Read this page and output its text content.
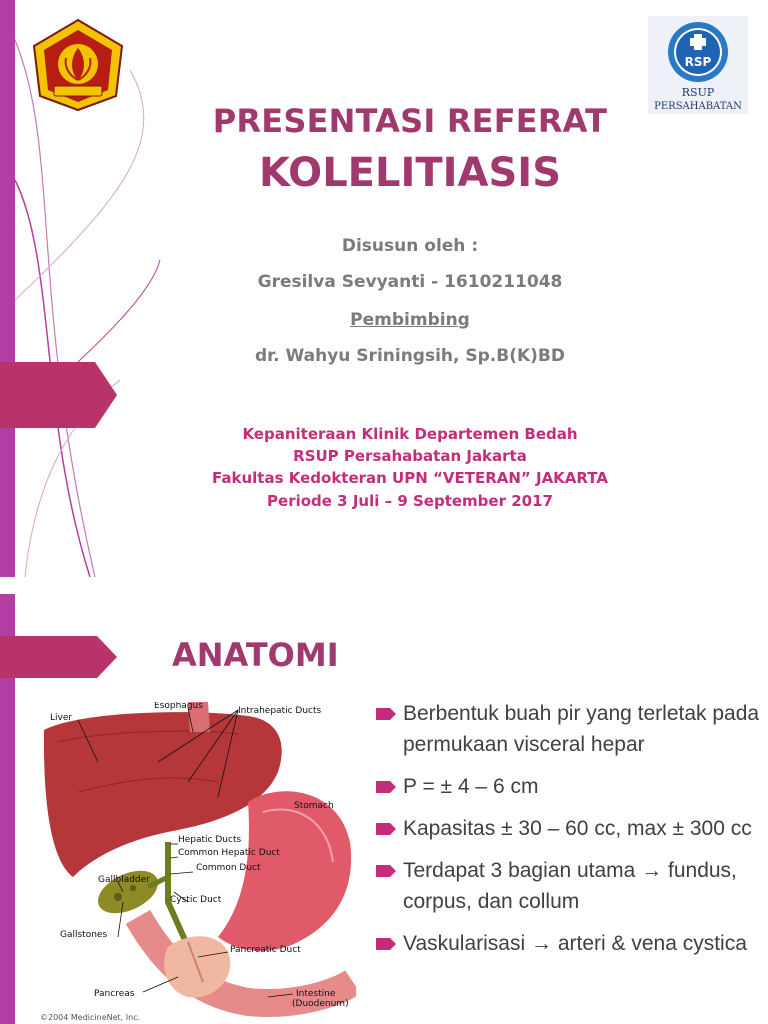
RSP
RSUP
PERSAHABATAN
PRESENTASI REFERAT
KOLELITIASIS
Disusun oleh :
Gresilva Sevyanti - 1610211048
Pembimbing
dr. Wahyu Sriningsih, Sp.B(K)BD
Kepaniteraan Klinik Departemen Bedah
RSUP Persahabatan Jakarta
Fakultas Kedokteran UPN “VETERAN” JAKARTA
Periode 3 Juli – 9 September 2017
ANATOMI
Liver
Esophagus	Intrahepatic Ducts
Stomach
Hepatic Ducts
Common Hepatic Duct
Common Duct
Gallbladder
Cystic Duct
Gallstones
Pancreatic Duct
Pancreas	Intestine
(Duodenum)
©2004 MedicineNet, Inc.
Berbentuk buah pir yang terletak pada permukaan visceral hepar
P = ± 4 – 6 cm
Kapasitas ± 30 – 60 cc, max ± 300 cc
Terdapat 3 bagian utama → fundus, corpus, dan collum
Vaskularisasi → arteri & vena cystica
